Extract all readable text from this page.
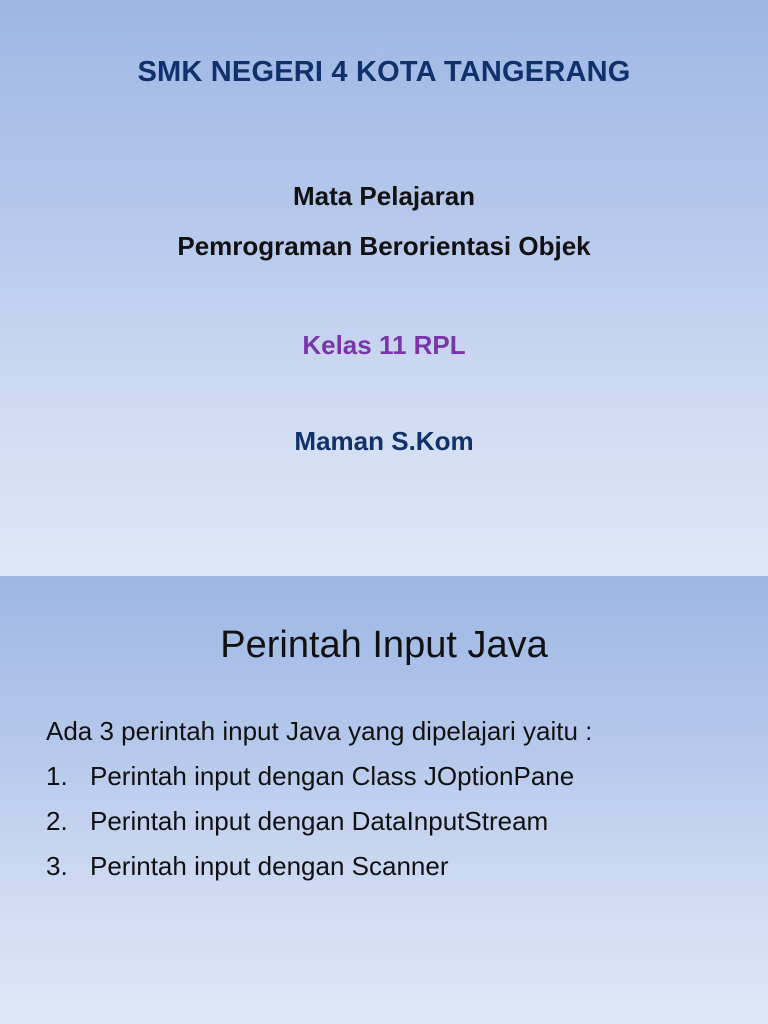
SMK NEGERI 4 KOTA TANGERANG
Mata Pelajaran
Pemrograman Berorientasi Objek
Kelas 11 RPL
Maman S.Kom
Perintah Input Java

Ada 3 perintah input Java yang dipelajari yaitu :

1. Perintah input dengan Class JOptionPane
2. Perintah input dengan DataInputStream
3. Perintah input dengan Scanner
